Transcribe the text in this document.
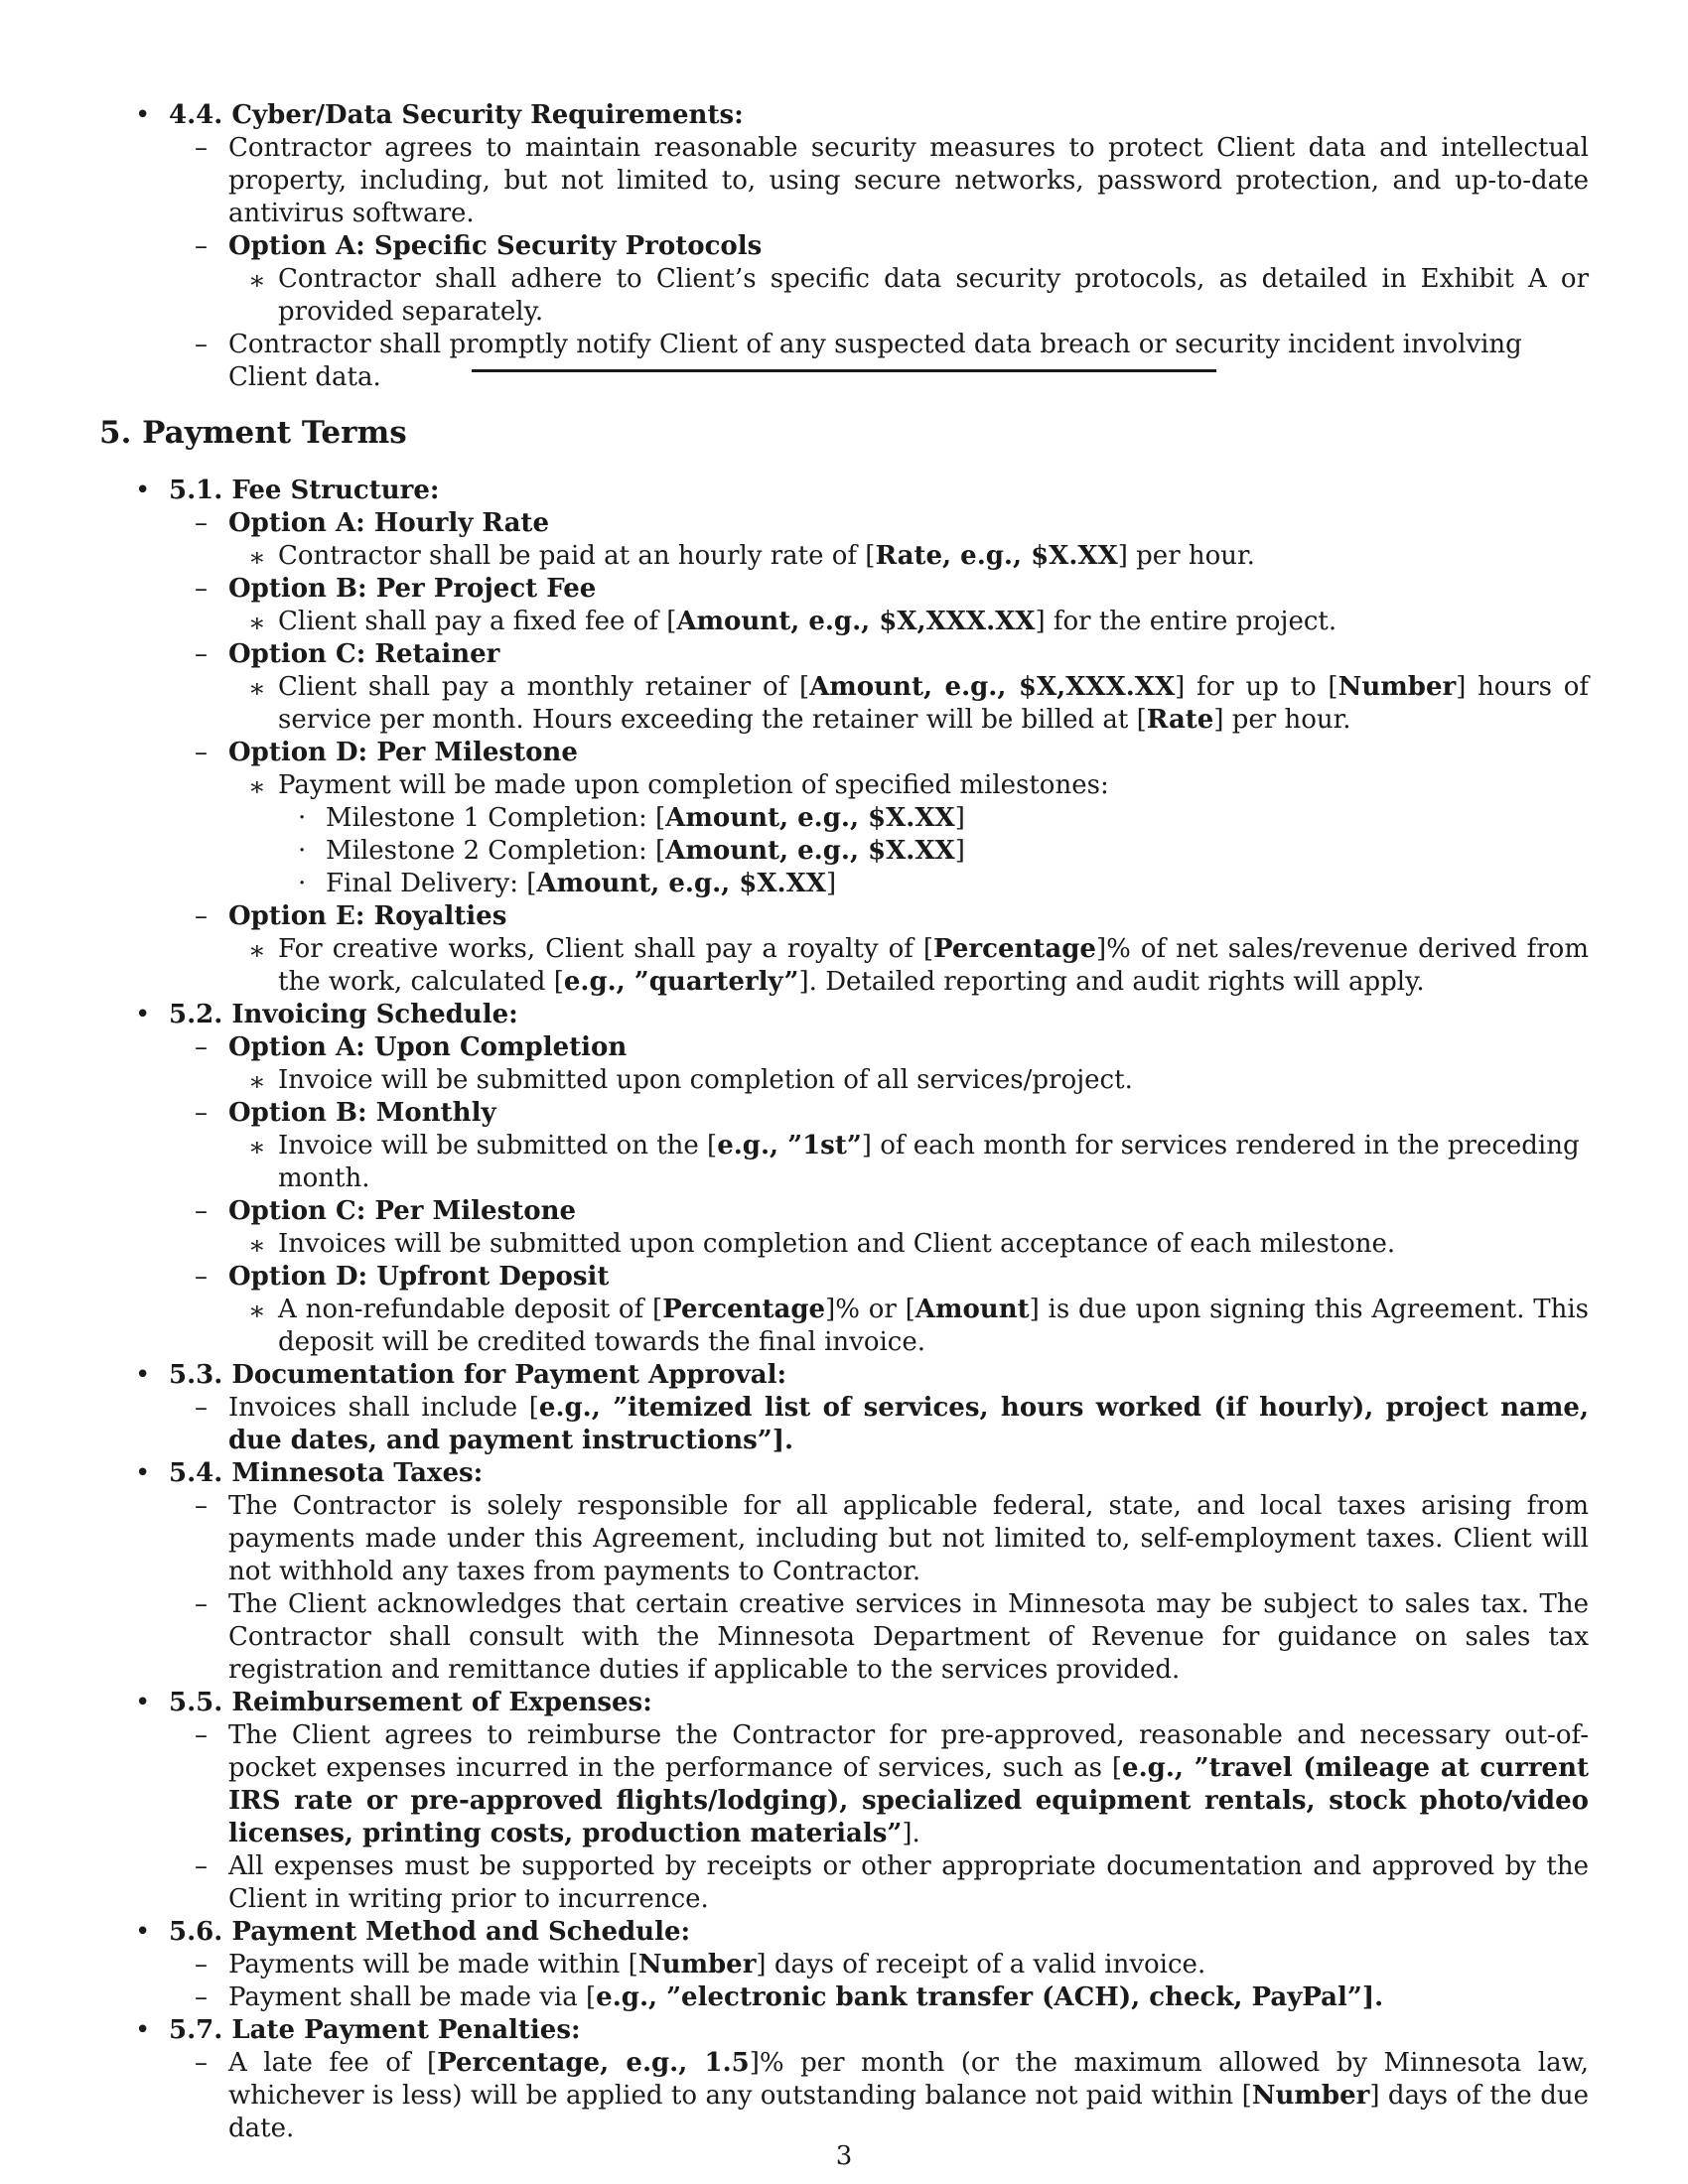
• 4.4. Cyber/Data Security Requirements:
– Contractor agrees to maintain reasonable security measures to protect Client data and intellectual property, including, but not limited to, using secure networks, password protection, and up-to-date antivirus software.
– Option A: Specific Security Protocols
∗ Contractor shall adhere to Client’s specific data security protocols, as detailed in Exhibit A or provided separately.
– Contractor shall promptly notify Client of any suspected data breach or security incident involving Client data.
5. Payment Terms
• 5.1. Fee Structure:
– Option A: Hourly Rate
∗ Contractor shall be paid at an hourly rate of [Rate, e.g., $X.XX] per hour.
– Option B: Per Project Fee
∗ Client shall pay a fixed fee of [Amount, e.g., $X,XXX.XX] for the entire project.
– Option C: Retainer
∗ Client shall pay a monthly retainer of [Amount, e.g., $X,XXX.XX] for up to [Number] hours of service per month. Hours exceeding the retainer will be billed at [Rate] per hour.
– Option D: Per Milestone
∗ Payment will be made upon completion of specified milestones:
· Milestone 1 Completion: [Amount, e.g., $X.XX]
· Milestone 2 Completion: [Amount, e.g., $X.XX]
· Final Delivery: [Amount, e.g., $X.XX]
– Option E: Royalties
∗ For creative works, Client shall pay a royalty of [Percentage]% of net sales/revenue derived from the work, calculated [e.g., ”quarterly”]. Detailed reporting and audit rights will apply.
• 5.2. Invoicing Schedule:
– Option A: Upon Completion
∗ Invoice will be submitted upon completion of all services/project.
– Option B: Monthly
∗ Invoice will be submitted on the [e.g., ”1st”] of each month for services rendered in the preceding month.
– Option C: Per Milestone
∗ Invoices will be submitted upon completion and Client acceptance of each milestone.
– Option D: Upfront Deposit
∗ A non-refundable deposit of [Percentage]% or [Amount] is due upon signing this Agreement. This deposit will be credited towards the final invoice.
• 5.3. Documentation for Payment Approval:
– Invoices shall include [e.g., ”itemized list of services, hours worked (if hourly), project name, due dates, and payment instructions”].
• 5.4. Minnesota Taxes:
– The Contractor is solely responsible for all applicable federal, state, and local taxes arising from payments made under this Agreement, including but not limited to, self-employment taxes. Client will not withhold any taxes from payments to Contractor.
– The Client acknowledges that certain creative services in Minnesota may be subject to sales tax. The Contractor shall consult with the Minnesota Department of Revenue for guidance on sales tax registration and remittance duties if applicable to the services provided.
• 5.5. Reimbursement of Expenses:
– The Client agrees to reimburse the Contractor for pre-approved, reasonable and necessary out-of-pocket expenses incurred in the performance of services, such as [e.g., ”travel (mileage at current IRS rate or pre-approved flights/lodging), specialized equipment rentals, stock photo/video licenses, printing costs, production materials”].
– All expenses must be supported by receipts or other appropriate documentation and approved by the Client in writing prior to incurrence.
• 5.6. Payment Method and Schedule:
– Payments will be made within [Number] days of receipt of a valid invoice.
– Payment shall be made via [e.g., ”electronic bank transfer (ACH), check, PayPal”].
• 5.7. Late Payment Penalties:
– A late fee of [Percentage, e.g., 1.5]% per month (or the maximum allowed by Minnesota law, whichever is less) will be applied to any outstanding balance not paid within [Number] days of the due date.
3
